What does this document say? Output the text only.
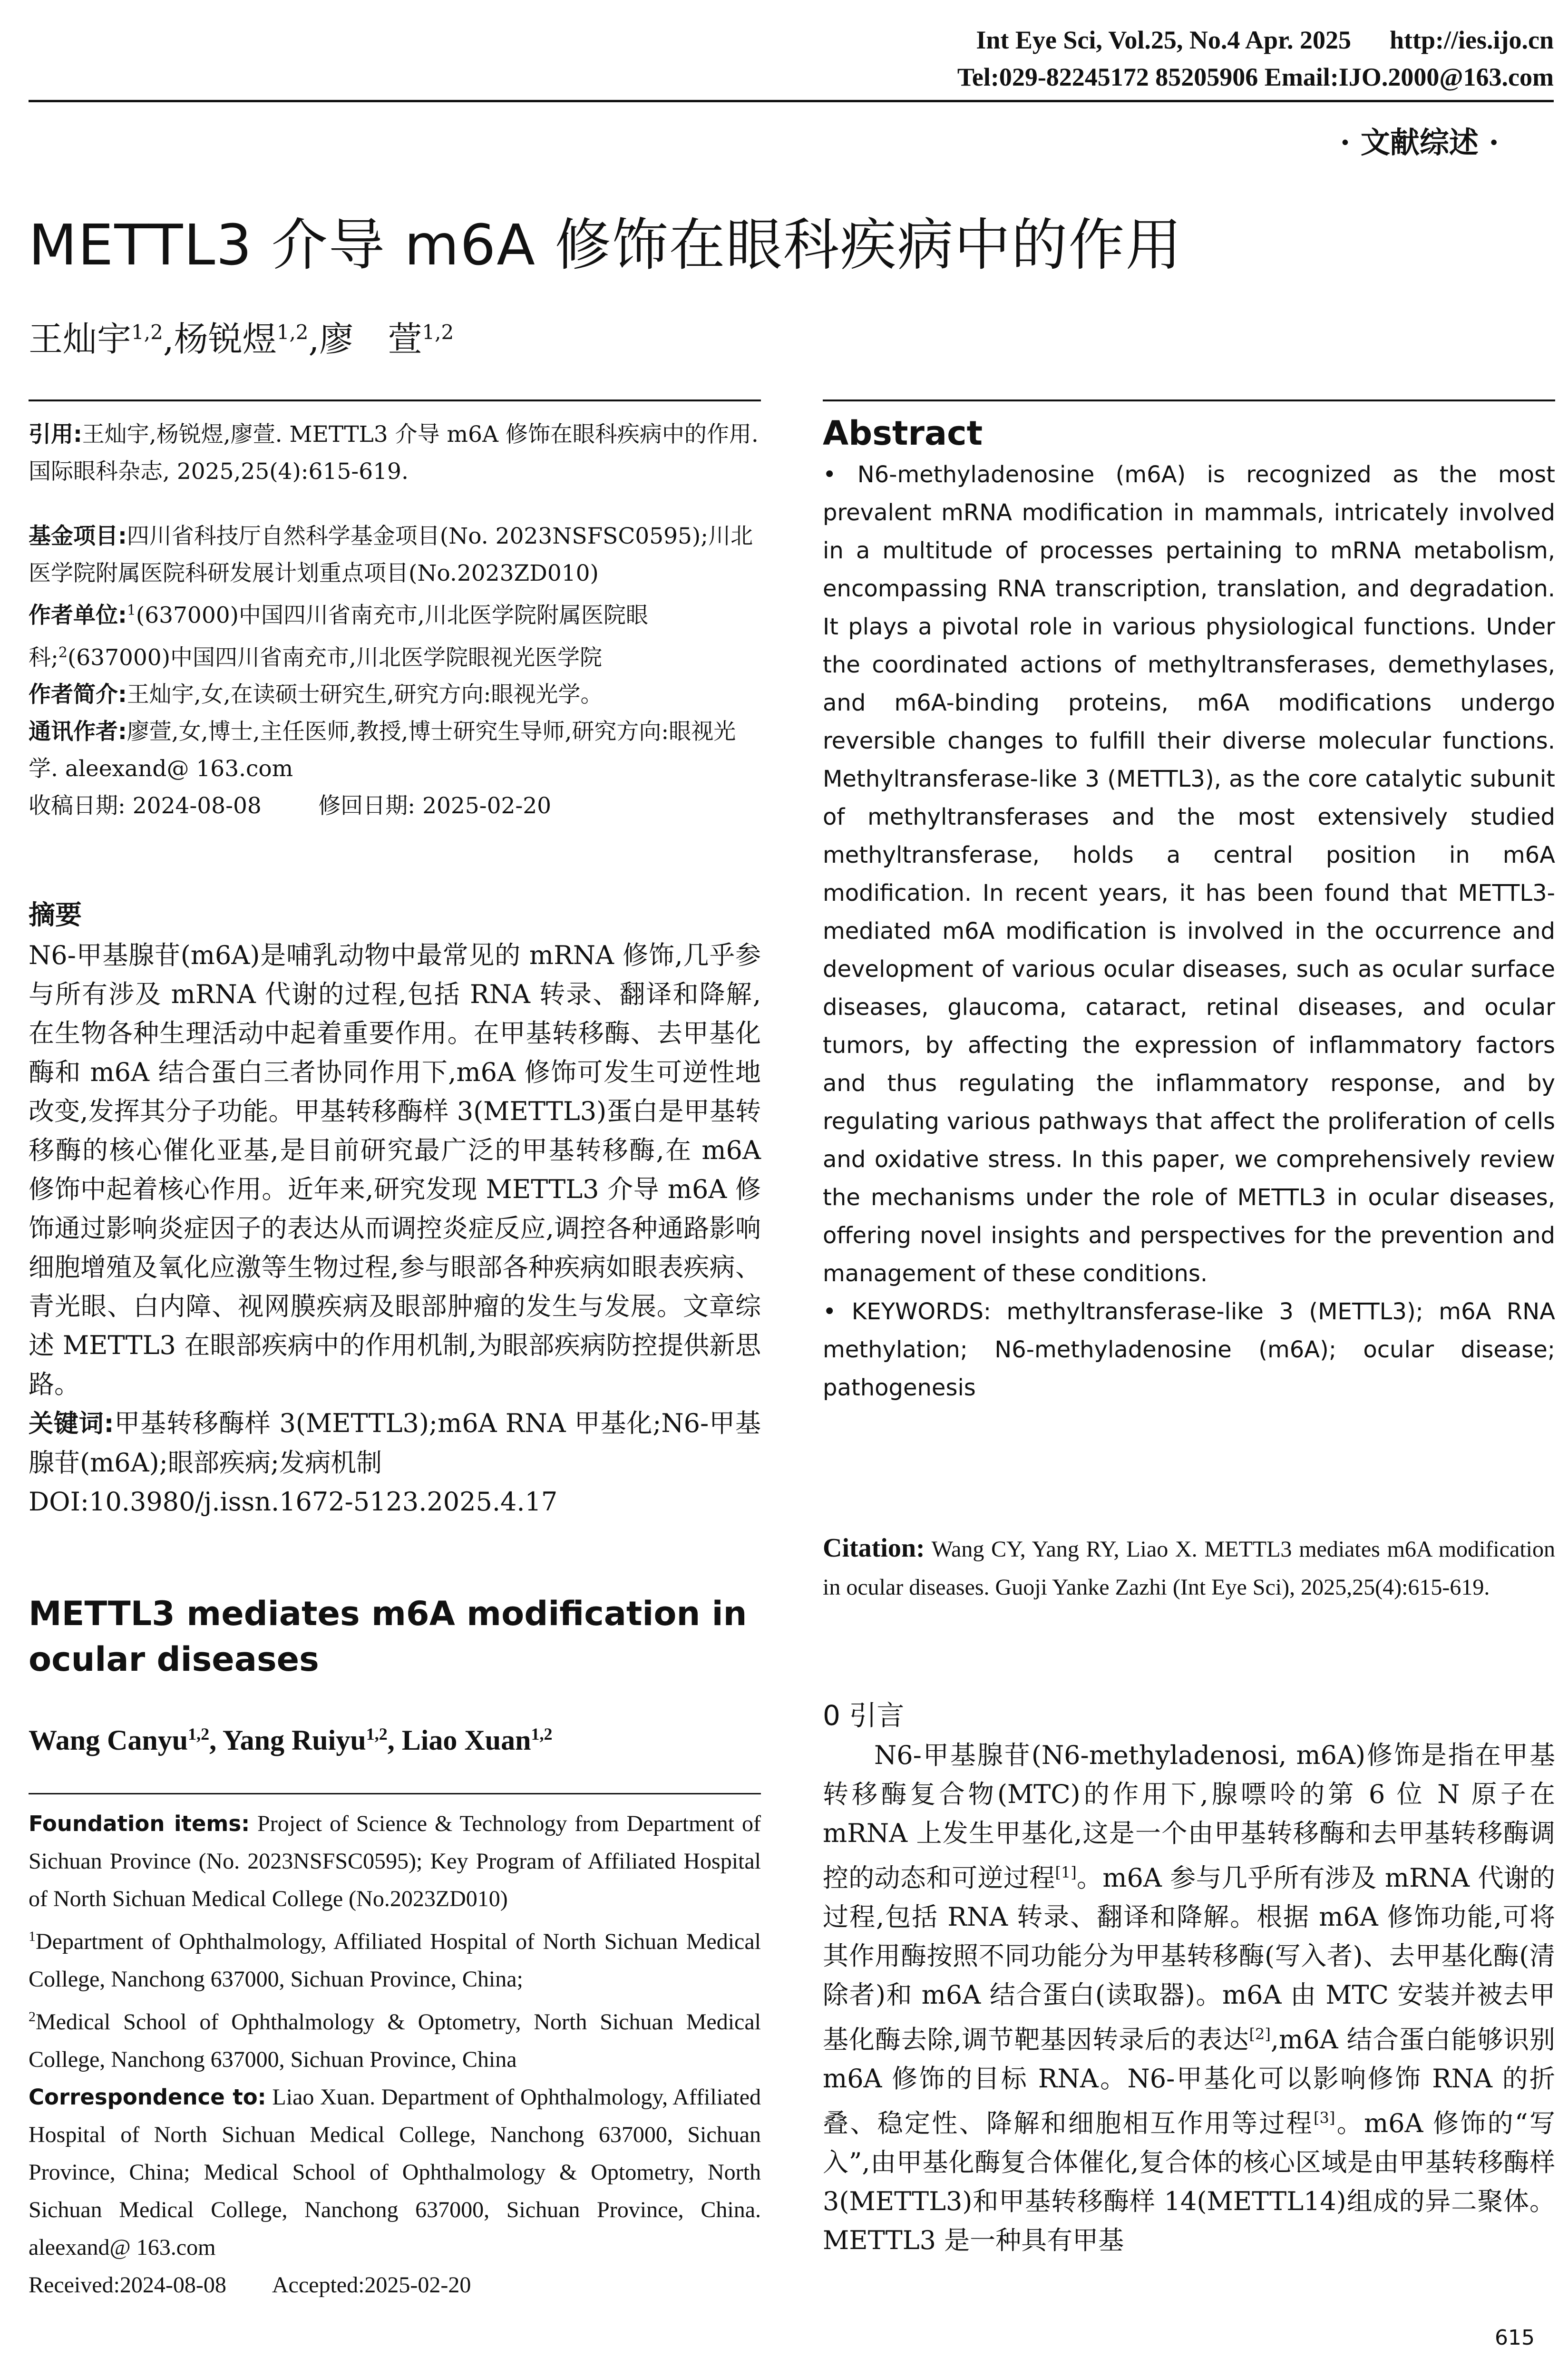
Int Eye Sci, Vol.25, No.4 Apr. 2025 http://ies.ijo.cn
Tel:029-82245172 85205906 Email:IJO.2000@163.com
· 文献综述 ·
METTL3 介导 m6A 修饰在眼科疾病中的作用
王灿宇$^{1,2}$,杨锐煜$^{1,2}$,廖　萱$^{1,2}$
引用:王灿宇,杨锐煜,廖萱. METTL3 介导 m6A 修饰在眼科疾病中的作用. 国际眼科杂志, 2025,25(4):615-619.
基金项目:四川省科技厅自然科学基金项目(No. 2023NSFSC0595);川北医学院附属医院科研发展计划重点项目(No.2023ZD010)
作者单位:$^1$(637000)中国四川省南充市,川北医学院附属医院眼科;$^2$(637000)中国四川省南充市,川北医学院眼视光医学院
作者简介:王灿宇,女,在读硕士研究生,研究方向:眼视光学。
通讯作者:廖萱,女,博士,主任医师,教授,博士研究生导师,研究方向:眼视光学. aleexand@ 163.com
收稿日期: 2024-08-08	修回日期: 2025-02-20
摘要
N6-甲基腺苷(m6A)是哺乳动物中最常见的 mRNA 修饰,几乎参与所有涉及 mRNA 代谢的过程,包括 RNA 转录、翻译和降解,在生物各种生理活动中起着重要作用。在甲基转移酶、去甲基化酶和 m6A 结合蛋白三者协同作用下,m6A 修饰可发生可逆性地改变,发挥其分子功能。甲基转移酶样 3(METTL3)蛋白是甲基转移酶的核心催化亚基,是目前研究最广泛的甲基转移酶,在 m6A 修饰中起着核心作用。近年来,研究发现 METTL3 介导 m6A 修饰通过影响炎症因子的表达从而调控炎症反应,调控各种通路影响细胞增殖及氧化应激等生物过程,参与眼部各种疾病如眼表疾病、青光眼、白内障、视网膜疾病及眼部肿瘤的发生与发展。文章综述 METTL3 在眼部疾病中的作用机制,为眼部疾病防控提供新思路。
关键词:甲基转移酶样 3(METTL3);m6A RNA 甲基化;N6-甲基腺苷(m6A);眼部疾病;发病机制
DOI:10.3980/j.issn.1672-5123.2025.4.17
METTL3 mediates m6A modification in ocular diseases
Wang Canyu$^{1,2}$, Yang Ruiyu$^{1,2}$, Liao Xuan$^{1,2}$
Foundation items: Project of Science & Technology from Department of Sichuan Province (No. 2023NSFSC0595); Key Program of Affiliated Hospital of North Sichuan Medical College (No.2023ZD010)
$^1$Department of Ophthalmology, Affiliated Hospital of North Sichuan Medical College, Nanchong 637000, Sichuan Province, China;
$^2$Medical School of Ophthalmology & Optometry, North Sichuan Medical College, Nanchong 637000, Sichuan Province, China
Correspondence to: Liao Xuan. Department of Ophthalmology, Affiliated Hospital of North Sichuan Medical College, Nanchong 637000, Sichuan Province, China; Medical School of Ophthalmology & Optometry, North Sichuan Medical College, Nanchong 637000, Sichuan Province, China. aleexand@ 163.com
Received:2024-08-08 Accepted:2025-02-20
Abstract
• N6-methyladenosine (m6A) is recognized as the most prevalent mRNA modification in mammals, intricately involved in a multitude of processes pertaining to mRNA metabolism, encompassing RNA transcription, translation, and degradation. It plays a pivotal role in various physiological functions. Under the coordinated actions of methyltransferases, demethylases, and m6A-binding proteins, m6A modifications undergo reversible changes to fulfill their diverse molecular functions. Methyltransferase-like 3 (METTL3), as the core catalytic subunit of methyltransferases and the most extensively studied methyltransferase, holds a central position in m6A modification. In recent years, it has been found that METTL3-mediated m6A modification is involved in the occurrence and development of various ocular diseases, such as ocular surface diseases, glaucoma, cataract, retinal diseases, and ocular tumors, by affecting the expression of inflammatory factors and thus regulating the inflammatory response, and by regulating various pathways that affect the proliferation of cells and oxidative stress. In this paper, we comprehensively review the mechanisms under the role of METTL3 in ocular diseases, offering novel insights and perspectives for the prevention and management of these conditions.
• KEYWORDS: methyltransferase-like 3 (METTL3); m6A RNA methylation; N6-methyladenosine (m6A); ocular disease; pathogenesis
Citation: Wang CY, Yang RY, Liao X. METTL3 mediates m6A modification in ocular diseases. Guoji Yanke Zazhi (Int Eye Sci), 2025,25(4):615-619.
0 引言
N6-甲基腺苷(N6-methyladenosi, m6A)修饰是指在甲基转移酶复合物(MTC)的作用下,腺嘌呤的第 6 位 N 原子在 mRNA 上发生甲基化,这是一个由甲基转移酶和去甲基转移酶调控的动态和可逆过程[1]。m6A 参与几乎所有涉及 mRNA 代谢的过程,包括 RNA 转录、翻译和降解。根据 m6A 修饰功能,可将其作用酶按照不同功能分为甲基转移酶(写入者)、去甲基化酶(清除者)和 m6A 结合蛋白(读取器)。m6A 由 MTC 安装并被去甲基化酶去除,调节靶基因转录后的表达[2],m6A 结合蛋白能够识别 m6A 修饰的目标 RNA。N6-甲基化可以影响修饰 RNA 的折叠、稳定性、降解和细胞相互作用等过程[3]。m6A 修饰的“写入”,由甲基化酶复合体催化,复合体的核心区域是由甲基转移酶样 3(METTL3)和甲基转移酶样 14(METTL14)组成的异二聚体。METTL3 是一种具有甲基
615
